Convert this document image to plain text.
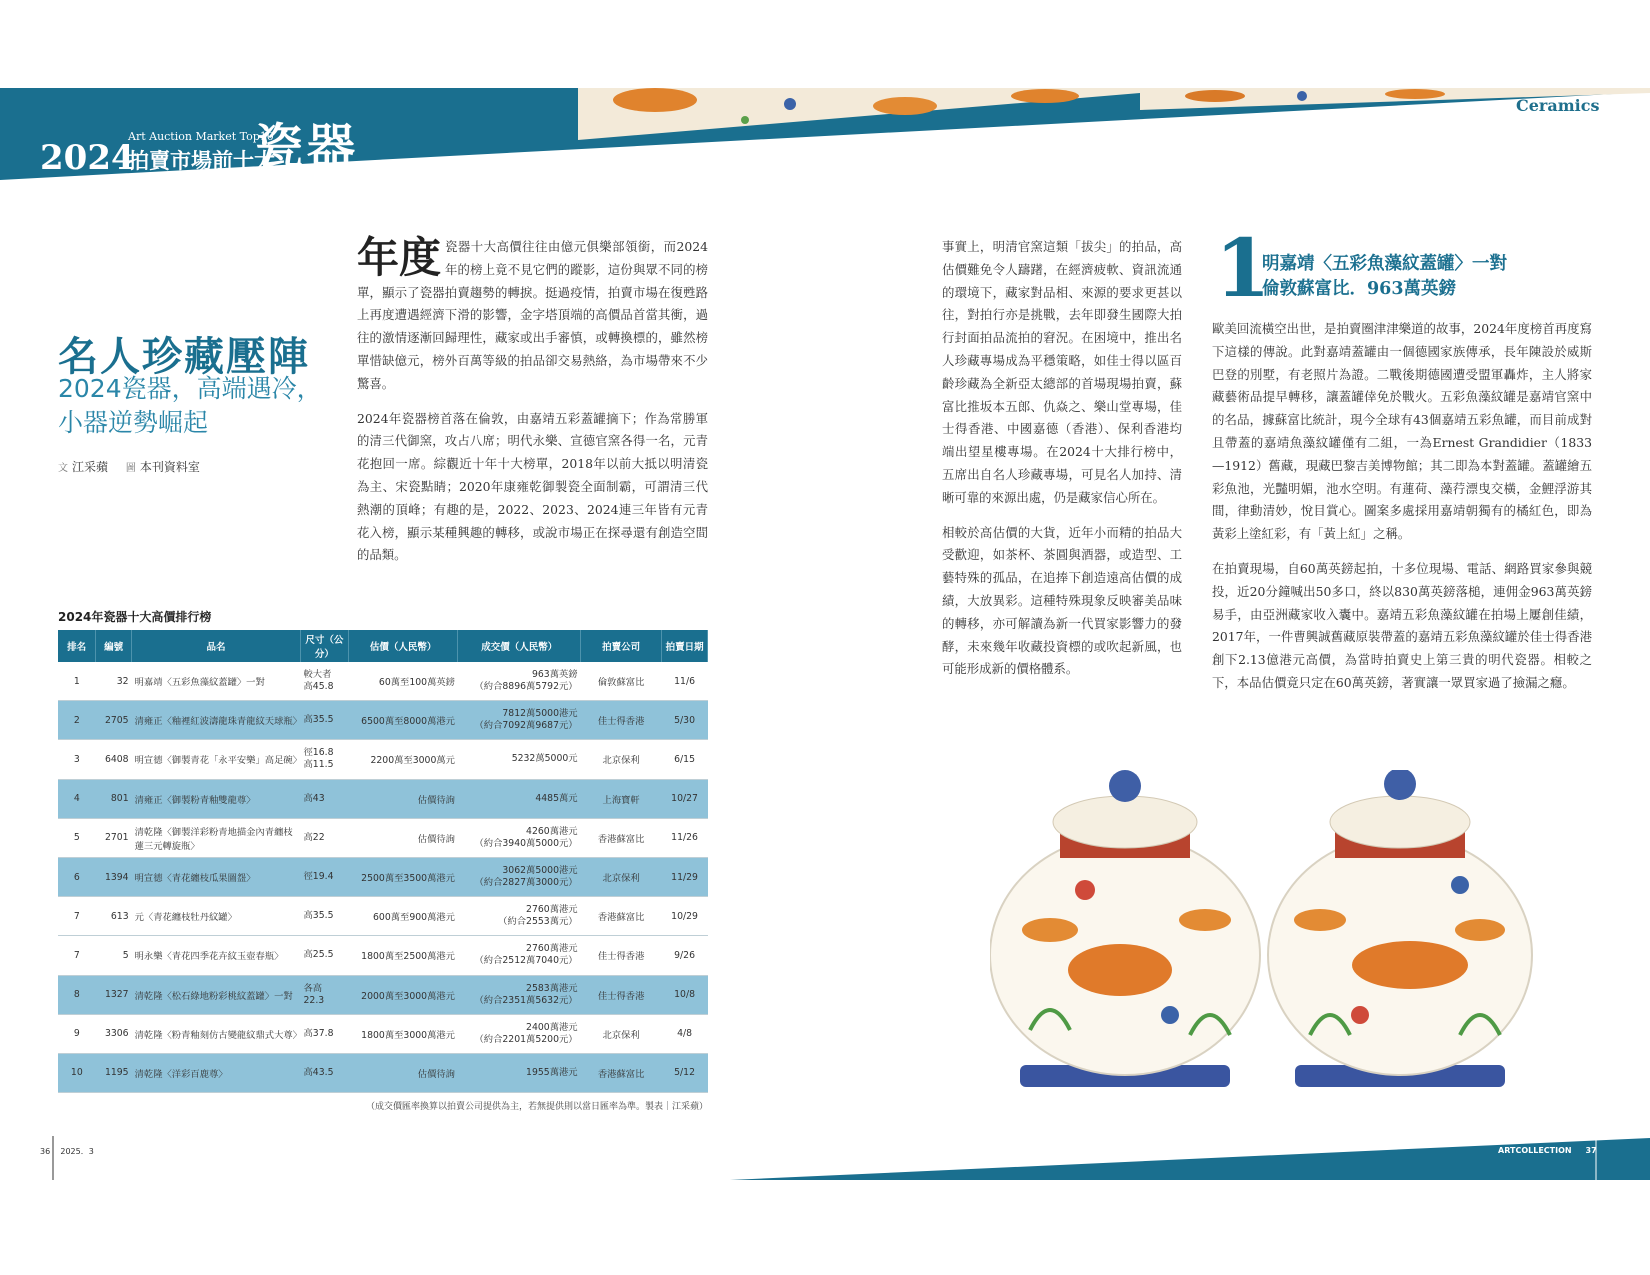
2024
Art Auction Market Top10
拍賣市場前十大
瓷器
Ceramics
名人珍藏壓陣
2024瓷器，高端遇冷，小器逆勢崛起
文 江采蘋 圖 本刊資料室

年度 瓷器十大高價往往由億元俱樂部領銜，而2024年的榜上竟不見它們的蹤影，這份與眾不同的榜單，顯示了瓷器拍賣趨勢的轉捩。挺過疫情，拍賣市場在復甦路上再度遭遇經濟下滑的影響，金字塔頂端的高價品首當其衝，過往的激情逐漸回歸理性，藏家或出手審慎，或轉換標的，雖然榜單惜缺億元，榜外百萬等級的拍品卻交易熱絡，為市場帶來不少驚喜。

2024年瓷器榜首落在倫敦，由嘉靖五彩蓋罐摘下；作為常勝軍的清三代御窯，攻占八席；明代永樂、宣德官窯各得一名，元青花抱回一席。綜觀近十年十大榜單，2018年以前大抵以明清瓷為主、宋瓷點睛；2020年康雍乾御製瓷全面制霸，可謂清三代熱潮的頂峰；有趣的是，2022、2023、2024連三年皆有元青花入榜，顯示某種興趣的轉移，或說市場正在探尋還有創造空間的品類。

事實上，明清官窯這類「拔尖」的拍品，高估價難免令人躊躇，在經濟疲軟、資訊流通的環境下，藏家對品相、來源的要求更甚以往，對拍行亦是挑戰，去年即發生國際大拍行封面拍品流拍的窘況。在困境中，推出名人珍藏專場成為平穩策略，如佳士得以區百齡珍藏為全新亞太總部的首場現場拍賣，蘇富比推坂本五郎、仇焱之、樂山堂專場，佳士得香港、中國嘉德（香港）、保利香港均端出望星樓專場。在2024十大排行榜中，五席出自名人珍藏專場，可見名人加持、清晰可靠的來源出處，仍是藏家信心所在。

相較於高估價的大貨，近年小而精的拍品大受歡迎，如茶杯、茶圓與酒器，或造型、工藝特殊的孤品，在追捧下創造遠高估價的成績，大放異彩。這種特殊現象反映審美品味的轉移，亦可解讀為新一代買家影響力的發酵，未來幾年收藏投資標的或吹起新風，也可能形成新的價格體系。

1
明嘉靖〈五彩魚藻紋蓋罐〉一對
倫敦蘇富比．963萬英鎊

歐美回流橫空出世，是拍賣圈津津樂道的故事，2024年度榜首再度寫下這樣的傳說。此對嘉靖蓋罐由一個德國家族傳承，長年陳設於威斯巴登的別墅，有老照片為證。二戰後期德國遭受盟軍轟炸，主人將家藏藝術品提早轉移，讓蓋罐倖免於戰火。五彩魚藻紋罐是嘉靖官窯中的名品，據蘇富比統計，現今全球有43個嘉靖五彩魚罐，而目前成對且帶蓋的嘉靖魚藻紋罐僅有二組，一為Ernest Grandidier（1833—1912）舊藏，現藏巴黎吉美博物館；其二即為本對蓋罐。蓋罐繪五彩魚池，光豔明媚，池水空明。有蓮荷、藻荇漂曳交橫，金鯉浮游其間，律動清妙，悅目賞心。圖案多處採用嘉靖朝獨有的橘紅色，即為黃彩上塗紅彩，有「黃上紅」之稱。

在拍賣現場，自60萬英鎊起拍，十多位現場、電話、網路買家參與競投，近20分鐘喊出50多口，終以830萬英鎊落槌，連佣金963萬英鎊易手，由亞洲藏家收入囊中。嘉靖五彩魚藻紋罐在拍場上屢創佳績，2017年，一件曹興誠舊藏原裝帶蓋的嘉靖五彩魚藻紋罐於佳士得香港創下2.13億港元高價，為當時拍賣史上第三貴的明代瓷器。相較之下，本品估價竟只定在60萬英鎊，著實讓一眾買家過了撿漏之癮。

2024年瓷器十大高價排行榜
排名	編號	品名	尺寸（公分）	估價（人民幣）	成交價（人民幣）	拍賣公司	拍賣日期
1	32	明嘉靖〈五彩魚藻紋蓋罐〉一對	較大者
高45.8	60萬至100萬英鎊	963萬英鎊
（約合8896萬5792元）	倫敦蘇富比	11/6
2	2705	清雍正〈釉裡紅波濤龍珠青龍紋天球瓶〉	高35.5	6500萬至8000萬港元	7812萬5000港元
（約合7092萬9687元）	佳士得香港	5/30
3	6408	明宣德〈御製青花「永平安樂」高足碗〉	徑16.8
高11.5	2200萬至3000萬元	5232萬5000元	北京保利	6/15
4	801	清雍正〈御製粉青釉雙龍尊〉	高43	估價待詢	4485萬元	上海寶軒	10/27
5	2701	清乾隆〈御製洋彩粉青地描金內青纏枝蓮三元轉旋瓶〉	高22	估價待詢	4260萬港元
（約合3940萬5000元）	香港蘇富比	11/26
6	1394	明宣德〈青花纏枝瓜果圖盌〉	徑19.4	2500萬至3500萬港元	3062萬5000港元
（約合2827萬3000元）	北京保利	11/29
7	613	元〈青花纏枝牡丹紋罐〉	高35.5	600萬至900萬港元	2760萬港元
（約合2553萬元）	香港蘇富比	10/29
7	5	明永樂〈青花四季花卉紋玉壺春瓶〉	高25.5	1800萬至2500萬港元	2760萬港元
（約合2512萬7040元）	佳士得香港	9/26
8	1327	清乾隆〈松石綠地粉彩桃紋蓋罐〉一對	各高
22.3	2000萬至3000萬港元	2583萬港元
（約合2351萬5632元）	佳士得香港	10/8
9	3306	清乾隆〈粉青釉刻仿古變龍紋鼎式大尊〉	高37.8	1800萬至3000萬港元	2400萬港元
（約合2201萬5200元）	北京保利	4/8
10	1195	清乾隆〈洋彩百鹿尊〉	高43.5	估價待詢	1955萬港元	香港蘇富比	5/12
（成交價匯率換算以拍賣公司提供為主，若無提供則以當日匯率為準。製表｜江采蘋）
36 2025．3	ARTCOLLECTION 37
